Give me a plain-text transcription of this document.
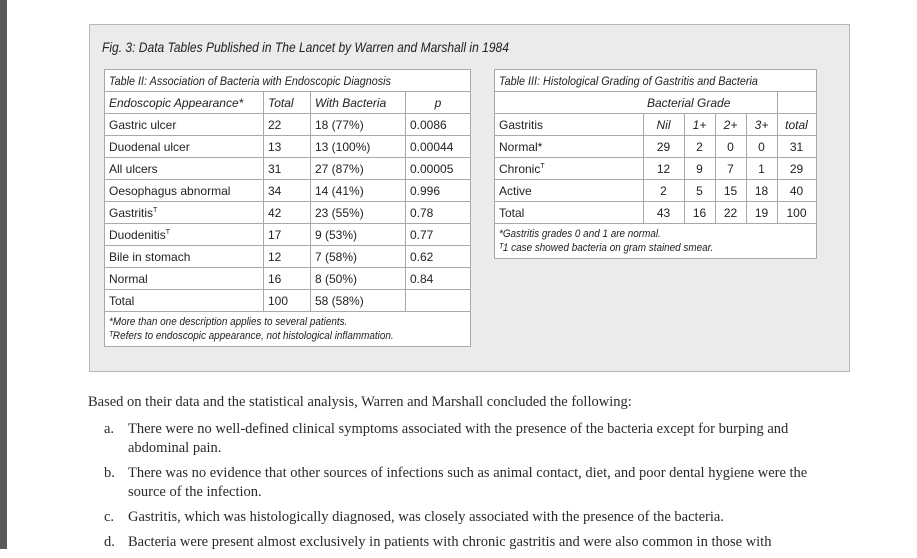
Fig. 3: Data Tables Published in The Lancet by Warren and Marshall in 1984
Table II: Association of Bacteria with Endoscopic Diagnosis			

Endoscopic Appearance*	Total	With Bacteria	p
Gastric ulcer	22	18 (77%)	0.0086
Duodenal ulcer	13	13 (100%)	0.00044
All ulcers	31	27 (87%)	0.00005
Oesophagus abnormal	34	14 (41%)	0.996
Gastritis$^T$	42	23 (55%)	0.78
Duodenitis$^T$	17	9 (53%)	0.77
Bile in stomach	12	7 (58%)	0.62
Normal	16	8 (50%)	0.84
Total	100	58 (58%)	

*More than one description applies to several patients.
ᵀRefers to endoscopic appearance, not histological inflammation.			
Table III: Histological Grading of Gastritis and Bacteria					

	Bacterial Grade				
Gastritis	Nil	1+	2+	3+	total
Normal*	29	2	0	0	31
Chronic$^T$	12	9	7	1	29
Active	2	5	15	18	40
Total	43	16	22	19	100

*Gastritis grades 0 and 1 are normal.
ᵀ1 case showed bacteria on gram stained smear.					

Based on their data and the statistical analysis, Warren and Marshall concluded the following:

a. There were no well-defined clinical symptoms associated with the presence of the bacteria except for burping and abdominal pain.
b. There was no evidence that other sources of infections such as animal contact, diet, and poor dental hygiene were the source of the infection.
c. Gastritis, which was histologically diagnosed, was closely associated with the presence of the bacteria.
d. Bacteria were present almost exclusively in patients with chronic gastritis and were also common in those with
